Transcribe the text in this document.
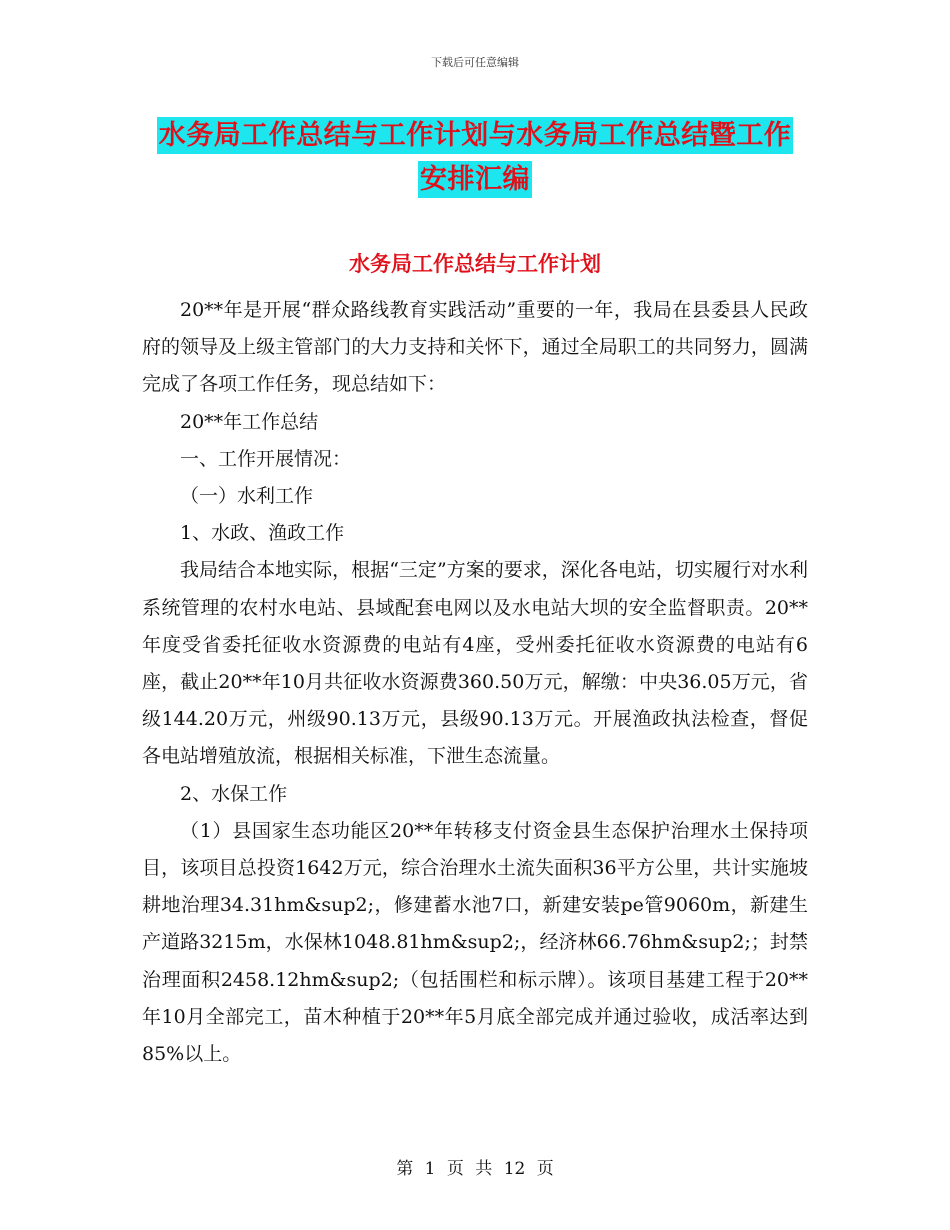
下载后可任意编辑
水务局工作总结与工作计划与水务局工作总结暨工作
安排汇编
水务局工作总结与工作计划

20**年是开展“群众路线教育实践活动”重要的一年，我局在县委县人民政府的领导及上级主管部门的大力支持和关怀下，通过全局职工的共同努力，圆满完成了各项工作任务，现总结如下：

20**年工作总结

一、工作开展情况：

（一）水利工作

1、水政、渔政工作

我局结合本地实际，根据“三定”方案的要求，深化各电站，切实履行对水利系统管理的农村水电站、县域配套电网以及水电站大坝的安全监督职责。20**年度受省委托征收水资源费的电站有4座，受州委托征收水资源费的电站有6座，截止20**年10月共征收水资源费360.50万元，解缴：中央36.05万元，省级144.20万元，州级90.13万元，县级90.13万元。开展渔政执法检查，督促各电站增殖放流，根据相关标准，下泄生态流量。

2、水保工作

（1）县国家生态功能区20**年转移支付资金县生态保护治理水土保持项目，该项目总投资1642万元，综合治理水土流失面积36平方公里，共计实施坡耕地治理34.31hm&sup2;，修建蓄水池7口，新建安装pe管9060m，新建生产道路3215m，水保林1048.81hm&sup2;，经济林66.76hm&sup2;；封禁治理面积2458.12hm&sup2;（包括围栏和标示牌）。该项目基建工程于20**年10月全部完工，苗木种植于20**年5月底全部完成并通过验收，成活率达到85%以上。

第 1 页 共 12 页
